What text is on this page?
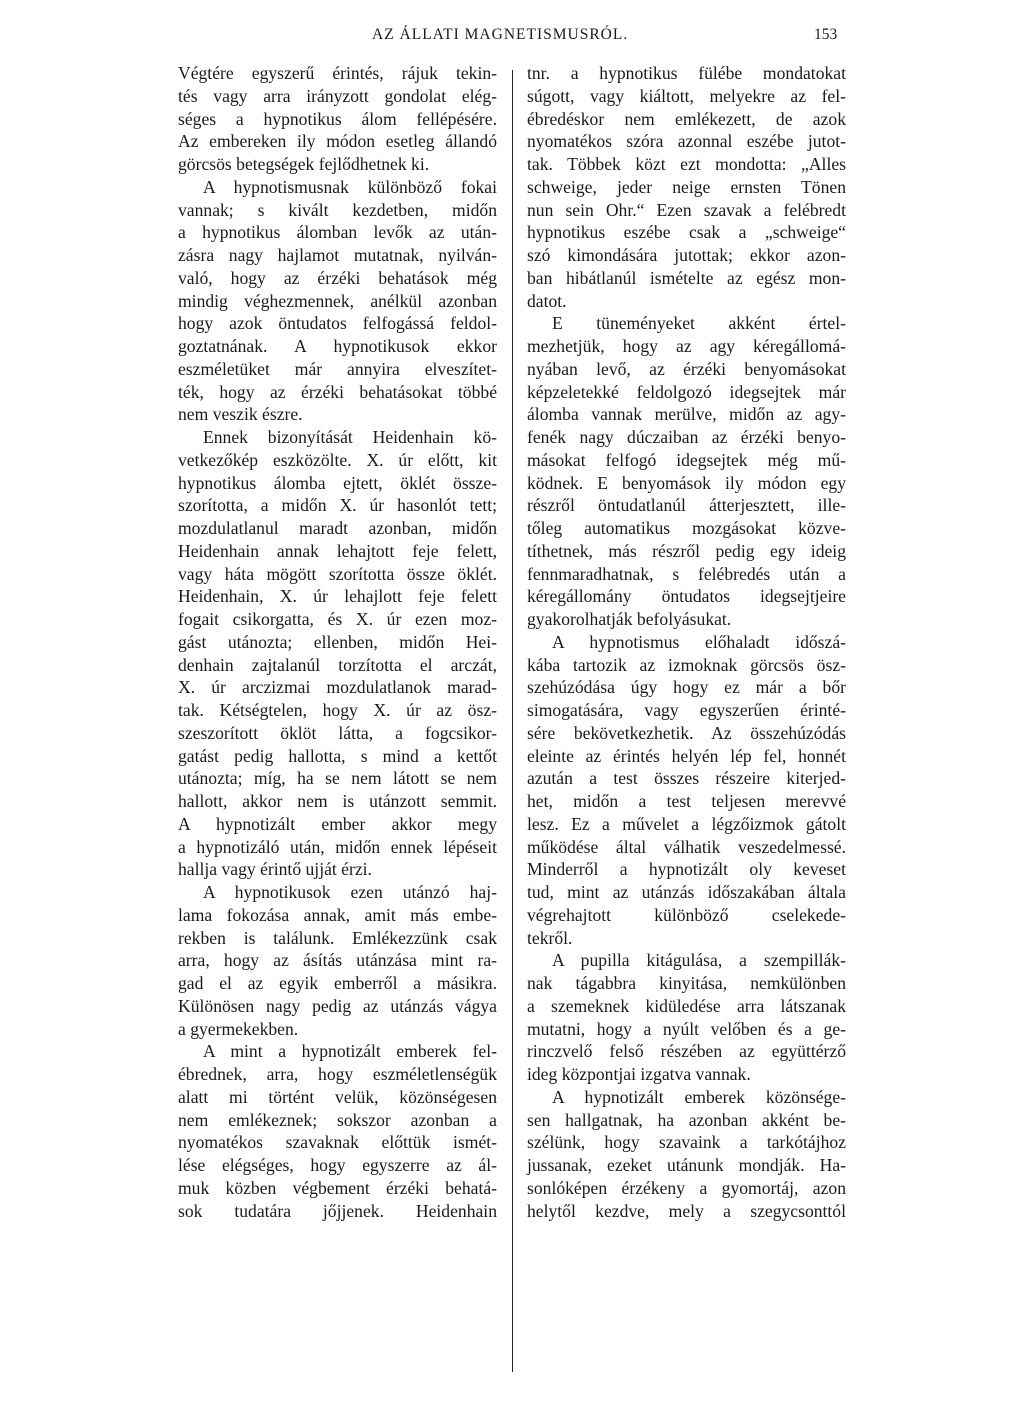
AZ ÁLLATI MAGNETISMUSRÓL.	153
Végtére egyszerű érintés, rájuk tekin-
tés vagy arra irányzott gondolat elég-
séges a hypnotikus álom fellépésére.
Az embereken ily módon esetleg állandó
görcsös betegségek fejlődhetnek ki.
A hypnotismusnak különböző fokai
vannak; s kivált kezdetben, midőn
a hypnotikus álomban levők az után-
zásra nagy hajlamot mutatnak, nyilván-
való, hogy az érzéki behatások még
mindig véghezmennek, anélkül azonban
hogy azok öntudatos felfogássá feldol-
goztatnának. A hypnotikusok ekkor
eszméletüket már annyira elveszítet-
ték, hogy az érzéki behatásokat többé
nem veszik észre.
Ennek bizonyítását Heidenhain kö-
vetkezőkép eszközölte. X. úr előtt, kit
hypnotikus álomba ejtett, öklét össze-
szorította, a midőn X. úr hasonlót tett;
mozdulatlanul maradt azonban, midőn
Heidenhain annak lehajtott feje felett,
vagy háta mögött szorította össze öklét.
Heidenhain, X. úr lehajlott feje felett
fogait csikorgatta, és X. úr ezen moz-
gást utánozta; ellenben, midőn Hei-
denhain zajtalanúl torzította el arczát,
X. úr arczizmai mozdulatlanok marad-
tak. Kétségtelen, hogy X. úr az ösz-
szeszorított öklöt látta, a fogcsikor-
gatást pedig hallotta, s mind a kettőt
utánozta; míg, ha se nem látott se nem
hallott, akkor nem is utánzott semmit.
A hypnotizált ember akkor megy
a hypnotizáló után, midőn ennek lépéseit
hallja vagy érintő ujját érzi.
A hypnotikusok ezen utánzó haj-
lama fokozása annak, amit más embe-
rekben is találunk. Emlékezzünk csak
arra, hogy az ásítás utánzása mint ra-
gad el az egyik emberről a másikra.
Különösen nagy pedig az utánzás vágya
a gyermekekben.
A mint a hypnotizált emberek fel-
ébrednek, arra, hogy eszméletlenségük
alatt mi történt velük, közönségesen
nem emlékeznek; sokszor azonban a
nyomatékos szavaknak előttük ismét-
lése elégséges, hogy egyszerre az ál-
muk közben végbement érzéki behatá-
sok tudatára jőjjenek. Heidenhain
tnr. a hypnotikus fülébe mondatokat
súgott, vagy kiáltott, melyekre az fel-
ébredéskor nem emlékezett, de azok
nyomatékos szóra azonnal eszébe jutot-
tak. Többek közt ezt mondotta: „Alles
schweige, jeder neige ernsten Tönen
nun sein Ohr.“ Ezen szavak a felébredt
hypnotikus eszébe csak a „schweige“
szó kimondására jutottak; ekkor azon-
ban hibátlanúl ismételte az egész mon-
datot.
E tüneményeket akként értel-
mezhetjük, hogy az agy kéregállomá-
nyában levő, az érzéki benyomásokat
képzeletekké feldolgozó idegsejtek már
álomba vannak merülve, midőn az agy-
fenék nagy dúczaiban az érzéki benyo-
másokat felfogó idegsejtek még mű-
ködnek. E benyomások ily módon egy
részről öntudatlanúl átterjesztett, ille-
tőleg automatikus mozgásokat közve-
títhetnek, más részről pedig egy ideig
fennmaradhatnak, s felébredés után a
kéregállomány öntudatos idegsejtjeire
gyakorolhatják befolyásukat.
A hypnotismus előhaladt időszá-
kába tartozik az izmoknak görcsös ösz-
szehúzódása úgy hogy ez már a bőr
simogatására, vagy egyszerűen érinté-
sére bekövetkezhetik. Az összehúzódás
eleinte az érintés helyén lép fel, honnét
azután a test összes részeire kiterjed-
het, midőn a test teljesen merevvé
lesz. Ez a művelet a légzőizmok gátolt
működése által válhatik veszedelmessé.
Minderről a hypnotizált oly keveset
tud, mint az utánzás időszakában általa
végrehajtott különböző cselekede-
tekről.
A pupilla kitágulása, a szempillák-
nak tágabbra kinyitása, nemkülönben
a szemeknek kidüledése arra látszanak
mutatni, hogy a nyúlt velőben és a ge-
rinczvelő felső részében az együttérző
ideg központjai izgatva vannak.
A hypnotizált emberek közönsége-
sen hallgatnak, ha azonban akként be-
szélünk, hogy szavaink a tarkótájhoz
jussanak, ezeket utánunk mondják. Ha-
sonlóképen érzékeny a gyomortáj, azon
helytől kezdve, mely a szegycsonttól
